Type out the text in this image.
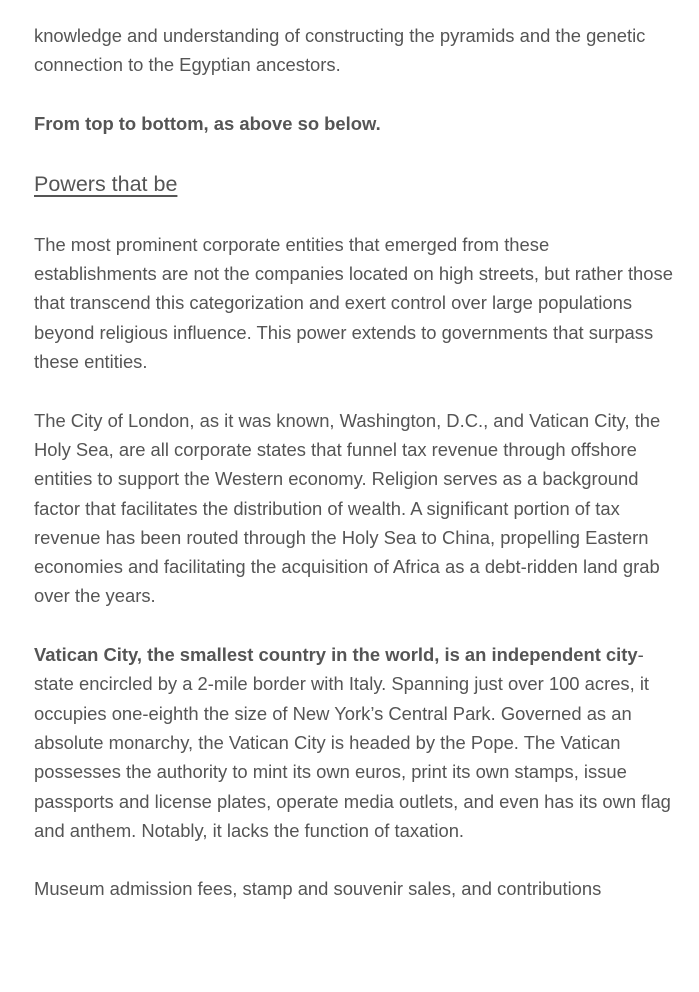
knowledge and understanding of constructing the pyramids and the genetic connection to the Egyptian ancestors.

From top to bottom, as above so below.

Powers that be

The most prominent corporate entities that emerged from these establishments are not the companies located on high streets, but rather those that transcend this categorization and exert control over large populations beyond religious influence. This power extends to governments that surpass these entities.

The City of London, as it was known, Washington, D.C., and Vatican City, the Holy Sea, are all corporate states that funnel tax revenue through offshore entities to support the Western economy. Religion serves as a background factor that facilitates the distribution of wealth. A significant portion of tax revenue has been routed through the Holy Sea to China, propelling Eastern economies and facilitating the acquisition of Africa as a debt-ridden land grab over the years.

Vatican City, the smallest country in the world, is an independent city-state encircled by a 2-mile border with Italy. Spanning just over 100 acres, it occupies one-eighth the size of New York’s Central Park. Governed as an absolute monarchy, the Vatican City is headed by the Pope. The Vatican possesses the authority to mint its own euros, print its own stamps, issue passports and license plates, operate media outlets, and even has its own flag and anthem. Notably, it lacks the function of taxation.

Museum admission fees, stamp and souvenir sales, and contributions
